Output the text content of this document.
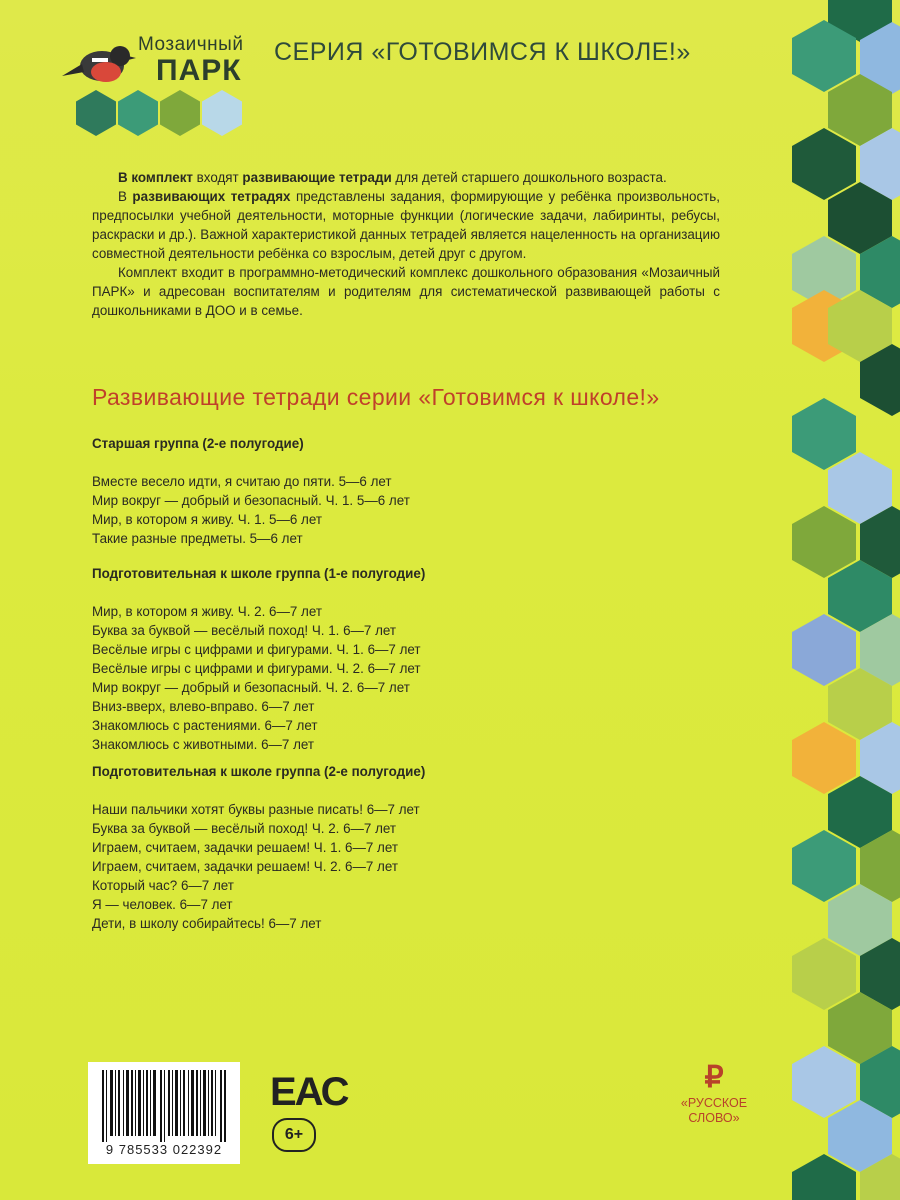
Мозаичный
ПАРК
СЕРИЯ «ГОТОВИМСЯ К ШКОЛЕ!»

В комплект входят развивающие тетради для детей старшего дошкольного возраста.

В развивающих тетрадях представлены задания, формирующие у ребёнка произвольность, предпосылки учебной деятельности, моторные функции (логические задачи, лабиринты, ребусы, раскраски и др.). Важной характеристикой данных тетрадей является нацеленность на организацию совместной деятельности ребёнка со взрослым, детей друг с другом.

Комплект входит в программно-методический комплекс дошкольного образования «Мозаичный ПАРК» и адресован воспитателям и родителям для систематической развивающей работы с дошкольниками в ДОО и в семье.

Развивающие тетради серии «Готовимся к школе!»
Старшая группа (2-е полугодие)
Вместе весело идти, я считаю до пяти. 5—6 лет
Мир вокруг — добрый и безопасный. Ч. 1. 5—6 лет
Мир, в котором я живу. Ч. 1. 5—6 лет
Такие разные предметы. 5—6 лет
Подготовительная к школе группа (1-е полугодие)
Мир, в котором я живу. Ч. 2. 6—7 лет
Буква за буквой — весёлый поход! Ч. 1. 6—7 лет
Весёлые игры с цифрами и фигурами. Ч. 1. 6—7 лет
Весёлые игры с цифрами и фигурами. Ч. 2. 6—7 лет
Мир вокруг — добрый и безопасный. Ч. 2. 6—7 лет
Вниз-вверх, влево-вправо. 6—7 лет
Знакомлюсь с растениями. 6—7 лет
Знакомлюсь с животными. 6—7 лет
Подготовительная к школе группа (2-е полугодие)
Наши пальчики хотят буквы разные писать! 6—7 лет
Буква за буквой — весёлый поход! Ч. 2. 6—7 лет
Играем, считаем, задачки решаем! Ч. 1. 6—7 лет
Играем, считаем, задачки решаем! Ч. 2. 6—7 лет
Который час? 6—7 лет
Я — человек. 6—7 лет
Дети, в школу собирайтесь! 6—7 лет
9 785533 022392
ЕАС
6+
₽
«РУССКОЕ
СЛОВО»
